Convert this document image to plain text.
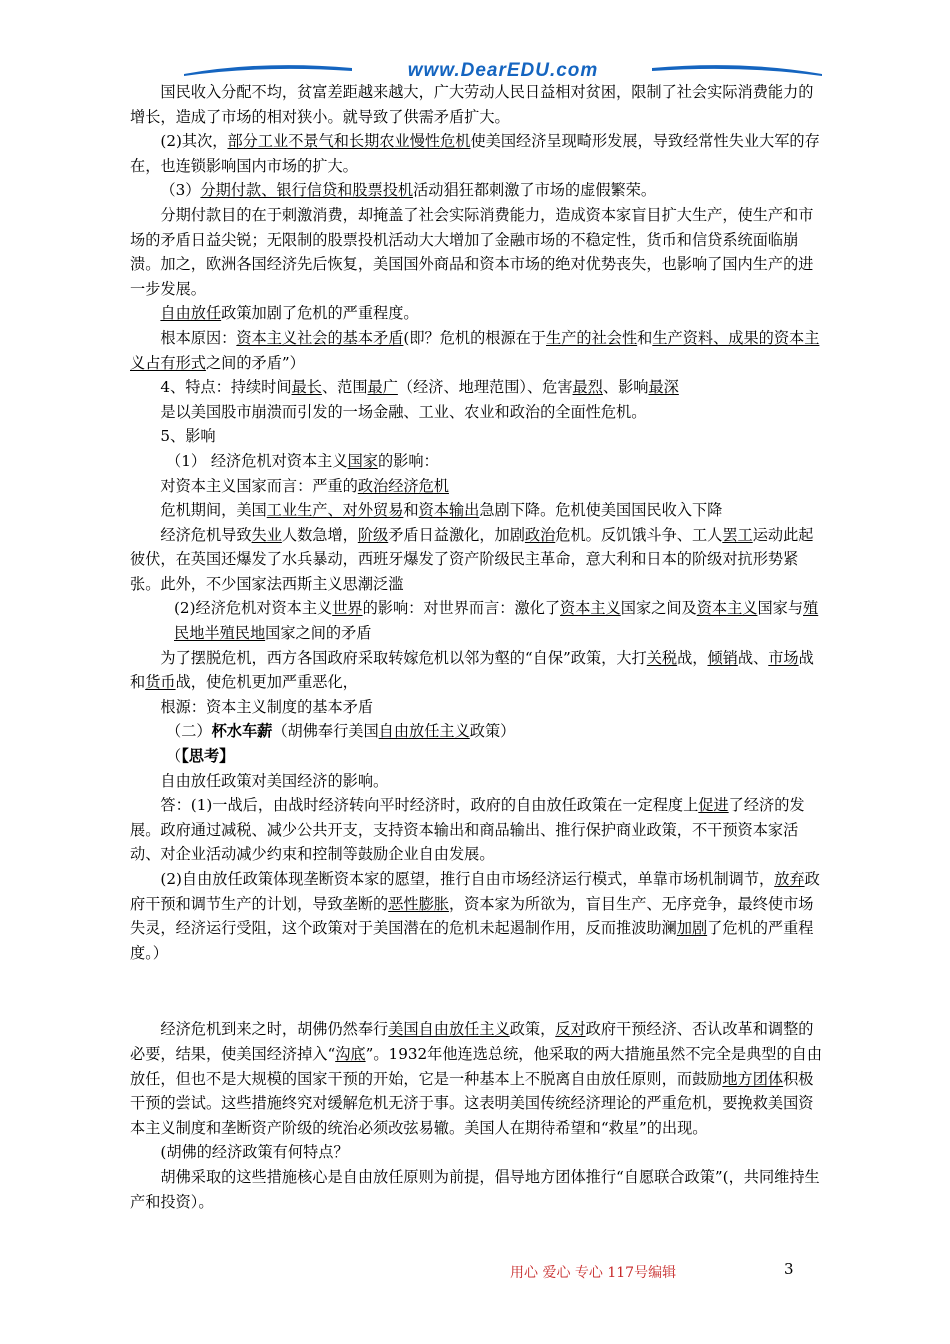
www.DearEDU.com

国民收入分配不均，贫富差距越来越大，广大劳动人民日益相对贫困，限制了社会实际消费能力的增长，造成了市场的相对狭小。就导致了供需矛盾扩大。

(2)其次，部分工业不景气和长期农业慢性危机使美国经济呈现畸形发展，导致经常性失业大军的存在，也连锁影响国内市场的扩大。

（3）分期付款、银行信贷和股票投机活动猖狂都刺激了市场的虚假繁荣。

分期付款目的在于刺激消费，却掩盖了社会实际消费能力，造成资本家盲目扩大生产，使生产和市场的矛盾日益尖锐；无限制的股票投机活动大大增加了金融市场的不稳定性，货币和信贷系统面临崩溃。加之，欧洲各国经济先后恢复，美国国外商品和资本市场的绝对优势丧失，也影响了国内生产的进一步发展。

自由放任政策加剧了危机的严重程度。

根本原因：资本主义社会的基本矛盾(即？危机的根源在于生产的社会性和生产资料、成果的资本主义占有形式之间的矛盾”）

4、特点：持续时间最长、范围最广（经济、地理范围）、危害最烈、影响最深

是以美国股市崩溃而引发的一场金融、工业、农业和政治的全面性危机。

5、影响

（1） 经济危机对资本主义国家的影响：

对资本主义国家而言：严重的政治经济危机

危机期间，美国工业生产、对外贸易和资本输出急剧下降。危机使美国国民收入下降

经济危机导致失业人数急增，阶级矛盾日益激化，加剧政治危机。反饥饿斗争、工人罢工运动此起彼伏，在英国还爆发了水兵暴动，西班牙爆发了资产阶级民主革命，意大利和日本的阶级对抗形势紧张。此外，不少国家法西斯主义思潮泛滥

(2)经济危机对资本主义世界的影响：对世界而言：激化了资本主义国家之间及资本主义国家与殖民地半殖民地国家之间的矛盾

为了摆脱危机，西方各国政府采取转嫁危机以邻为壑的“自保”政策，大打关税战，倾销战、市场战和货币战，使危机更加严重恶化，

根源：资本主义制度的基本矛盾

（二）杯水车薪（胡佛奉行美国自由放任主义政策）

（【思考】

自由放任政策对美国经济的影响。

答：(1)一战后，由战时经济转向平时经济时，政府的自由放任政策在一定程度上促进了经济的发展。政府通过减税、减少公共开支，支持资本输出和商品输出、推行保护商业政策，不干预资本家活动、对企业活动减少约束和控制等鼓励企业自由发展。

(2)自由放任政策体现垄断资本家的愿望，推行自由市场经济运行模式，单靠市场机制调节，放弃政府干预和调节生产的计划，导致垄断的恶性膨胀，资本家为所欲为，盲目生产、无序竞争，最终使市场失灵，经济运行受阻，这个政策对于美国潜在的危机未起遏制作用，反而推波助澜加剧了危机的严重程度。）

经济危机到来之时，胡佛仍然奉行美国自由放任主义政策，反对政府干预经济、否认改革和调整的必要，结果，使美国经济掉入“沟底”。1932年他连选总统，他采取的两大措施虽然不完全是典型的自由放任，但也不是大规模的国家干预的开始，它是一种基本上不脱离自由放任原则，而鼓励地方团体积极干预的尝试。这些措施终究对缓解危机无济于事。这表明美国传统经济理论的严重危机，要挽救美国资本主义制度和垄断资产阶级的统治必须改弦易辙。美国人在期待希望和“救星”的出现。

(胡佛的经济政策有何特点？

胡佛采取的这些措施核心是自由放任原则为前提，倡导地方团体推行“自愿联合政策”(，共同维持生产和投资）。

用心 爱心 专心 117号编辑	3
